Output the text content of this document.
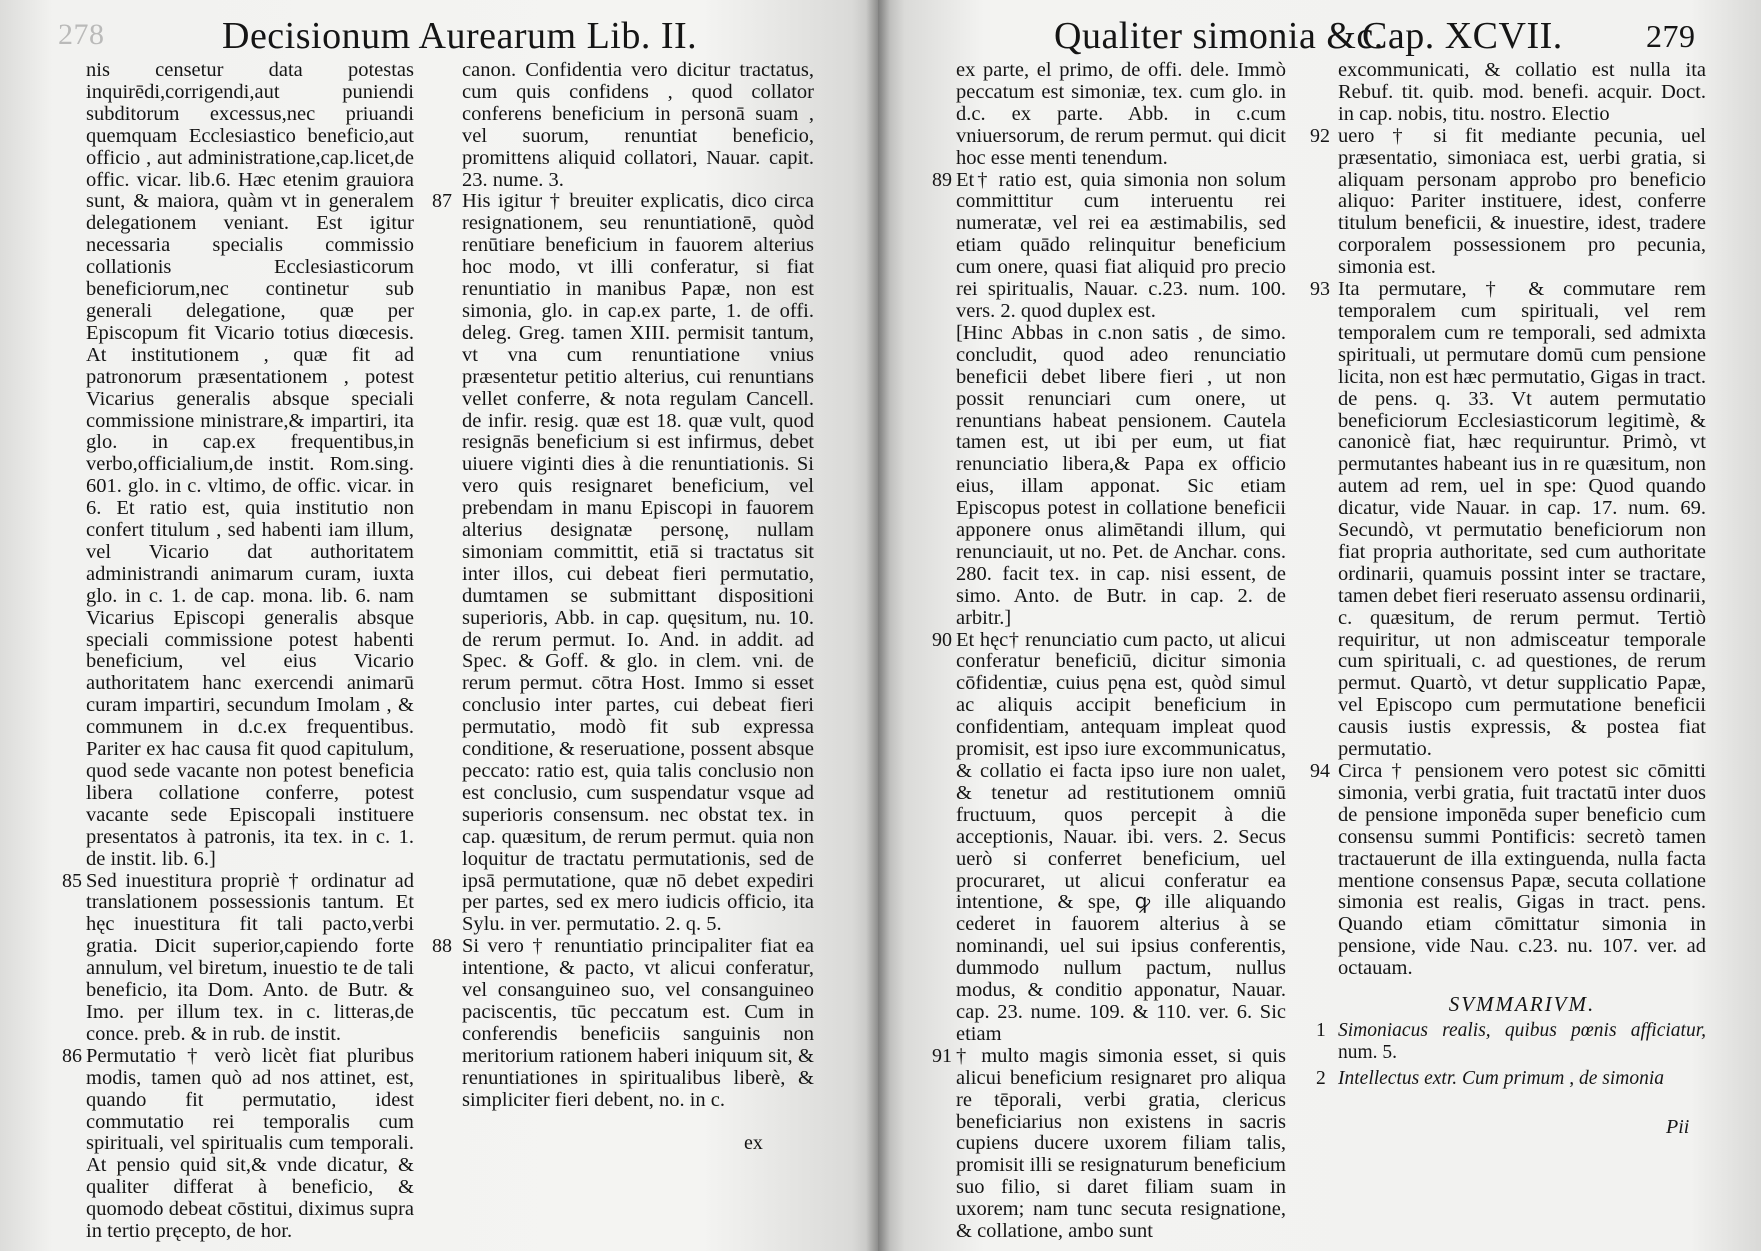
278	Decisionum Aurearum Lib. II.

nis censetur data potestas inquirēdi,corrigendi,aut puniendi subditorum excessus,nec priuandi quemquam Ecclesiastico beneficio,aut officio , aut administratione,cap.licet,de offic. vicar. lib.6. Hæc etenim grauiora sunt, & maiora, quàm vt in generalem delegationem veniant. Est igitur necessaria specialis commissio collationis Ecclesiasticorum beneficiorum,nec continetur sub generali delegatione, quæ per Episcopum fit Vicario totius diœcesis. At institutionem , quæ fit ad patronorum præsentationem , potest Vicarius generalis absque speciali commissione ministrare,& impartiri, ita glo. in cap.ex frequentibus,in verbo,officialium,de instit. Rom.sing. 601. glo. in c. vltimo, de offic. vicar. in 6. Et ratio est, quia institutio non confert titulum , sed habenti iam illum, vel Vicario dat authoritatem administrandi animarum curam, iuxta glo. in c. 1. de cap. mona. lib. 6. nam Vicarius Episcopi generalis absque speciali commissione potest habenti beneficium, vel eius Vicario authoritatem hanc exercendi animarū curam impartiri, secundum Imolam , & communem in d.c.ex frequentibus. Pariter ex hac causa fit quod capitulum, quod sede vacante non potest beneficia libera collatione conferre, potest vacante sede Episcopali instituere presentatos à patronis, ita tex. in c. 1. de instit. lib. 6.]

85 Sed inuestitura propriè † ordinatur ad translationem possessionis tantum. Et hęc inuestitura fit tali pacto,verbi gratia. Dicit superior,capiendo forte annulum, vel biretum, inuestio te de tali beneficio, ita Dom. Anto. de Butr. & Imo. per illum tex. in c. litteras,de conce. preb. & in rub. de instit.

86 Permutatio † verò licèt fiat pluribus modis, tamen quò ad nos attinet, est, quando fit permutatio, idest commutatio rei temporalis cum spirituali, vel spiritualis cum temporali. At pensio quid sit,& vnde dicatur, & qualiter differat à beneficio, & quomodo debeat cōstitui, diximus supra in tertio pręcepto, de hor.

canon. Confidentia vero dicitur tractatus, cum quis confidens , quod collator conferens beneficium in personā suam , vel suorum, renuntiat beneficio, promittens aliquid collatori, Nauar. capit. 23. nume. 3.

87 His igitur † breuiter explicatis, dico circa resignationem, seu renuntiationē, quòd renūtiare beneficium in fauorem alterius hoc modo, vt illi conferatur, si fiat renuntiatio in manibus Papæ, non est simonia, glo. in cap.ex parte, 1. de offi. deleg. Greg. tamen XIII. permisit tantum, vt vna cum renuntiatione vnius præsentetur petitio alterius, cui renuntians vellet conferre, & nota regulam Cancell. de infir. resig. quæ est 18. quæ vult, quod resignās beneficium si est infirmus, debet uiuere viginti dies à die renuntiationis. Si vero quis resignaret beneficium, vel prebendam in manu Episcopi in fauorem alterius designatæ personę, nullam simoniam committit, etiā si tractatus sit inter illos, cui debeat fieri permutatio, dumtamen se submittant dispositioni superioris, Abb. in cap. quęsitum, nu. 10. de rerum permut. Io. And. in addit. ad Spec. & Goff. & glo. in clem. vni. de rerum permut. cōtra Host. Immo si esset conclusio inter partes, cui debeat fieri permutatio, modò fit sub expressa conditione, & reseruatione, possent absque peccato: ratio est, quia talis conclusio non est conclusio, cum suspendatur vsque ad superioris consensum. nec obstat tex. in cap. quæsitum, de rerum permut. quia non loquitur de tractatu permutationis, sed de ipsā permutatione, quæ nō debet expediri per partes, sed ex mero iudicis officio, ita Sylu. in ver. permutatio. 2. q. 5.

88 Si vero † renuntiatio principaliter fiat ea intentione, & pacto, vt alicui conferatur, vel consanguineo suo, vel consanguineo paciscentis, tūc peccatum est. Cum in conferendis beneficiis sanguinis non meritorium rationem haberi iniquum sit, & renuntiationes in spiritualibus liberè, & simpliciter fieri debent, no. in c.

ex
Qualiter simonia &c.
Cap. XCVII.	279

ex parte, el primo, de offi. dele. Immò peccatum est simoniæ, tex. cum glo. in d.c. ex parte. Abb. in c.cum vniuersorum, de rerum permut. qui dicit hoc esse menti tenendum.

89 Et† ratio est, quia simonia non solum committitur cum interuentu rei numeratæ, vel rei ea æstimabilis, sed etiam quādo relinquitur beneficium cum onere, quasi fiat aliquid pro precio rei spiritualis, Nauar. c.23. num. 100. vers. 2. quod duplex est.

[Hinc Abbas in c.non satis , de simo. concludit, quod adeo renunciatio beneficii debet libere fieri , ut non possit renunciari cum onere, ut renuntians habeat pensionem. Cautela tamen est, ut ibi per eum, ut fiat renunciatio libera,& Papa ex officio eius, illam apponat. Sic etiam Episcopus potest in collatione beneficii apponere onus alimētandi illum, qui renunciauit, ut no. Pet. de Anchar. cons. 280. facit tex. in cap. nisi essent, de simo. Anto. de Butr. in cap. 2. de arbitr.]

90 Et hęc† renunciatio cum pacto, ut alicui conferatur beneficiū, dicitur simonia cōfidentiæ, cuius pęna est, quòd simul ac aliquis accipit beneficium in confidentiam, antequam impleat quod promisit, est ipso iure excommunicatus, & collatio ei facta ipso iure non ualet, & tenetur ad restitutionem omniū fructuum, quos percepit à die acceptionis, Nauar. ibi. vers. 2. Secus uerò si conferret beneficium, uel procuraret, ut alicui conferatur ea intentione, & spe, ꝙ ille aliquando cederet in fauorem alterius à se nominandi, uel sui ipsius conferentis, dummodo nullum pactum, nullus modus, & conditio apponatur, Nauar. cap. 23. nume. 109. & 110. ver. 6. Sic etiam

91 † multo magis simonia esset, si quis alicui beneficium resignaret pro aliqua re tēporali, verbi gratia, clericus beneficiarius non existens in sacris cupiens ducere uxorem filiam talis, promisit illi se resignaturum beneficium suo filio, si daret filiam suam in uxorem; nam tunc secuta resignatione, & collatione, ambo sunt

excommunicati, & collatio est nulla ita Rebuf. tit. quib. mod. benefi. acquir. Doct. in cap. nobis, titu. nostro. Electio

92 uero † si fit mediante pecunia, uel præsentatio, simoniaca est, uerbi gratia, si aliquam personam approbo pro beneficio aliquo: Pariter instituere, idest, conferre titulum beneficii, & inuestire, idest, tradere corporalem possessionem pro pecunia, simonia est.

93 Ita permutare, † & commutare rem temporalem cum spirituali, vel rem temporalem cum re temporali, sed admixta spirituali, ut permutare domū cum pensione licita, non est hæc permutatio, Gigas in tract. de pens. q. 33. Vt autem permutatio beneficiorum Ecclesiasticorum legitimè, & canonicè fiat, hæc requiruntur. Primò, vt permutantes habeant ius in re quæsitum, non autem ad rem, uel in spe: Quod quando dicatur, vide Nauar. in cap. 17. num. 69. Secundò, vt permutatio beneficiorum non fiat propria authoritate, sed cum authoritate ordinarii, quamuis possint inter se tractare, tamen debet fieri reseruato assensu ordinarii, c. quæsitum, de rerum permut. Tertiò requiritur, ut non admisceatur temporale cum spirituali, c. ad questiones, de rerum permut. Quartò, vt detur supplicatio Papæ, vel Episcopo cum permutatione beneficii causis iustis expressis, & postea fiat permutatio.

94 Circa † pensionem vero potest sic cōmitti simonia, verbi gratia, fuit tractatū inter duos de pensione imponēda super beneficio cum consensu summi Pontificis: secretò tamen tractauerunt de illa extinguenda, nulla facta mentione consensus Papæ, secuta collatione simonia est realis, Gigas in tract. pens. Quando etiam cōmittatur simonia in pensione, vide Nau. c.23. nu. 107. ver. ad octauam.

SVMMARIVM.
1 Simoniacus realis, quibus pœnis afficiatur, num. 5.
2 Intellectus extr. Cum primum , de simonia
Pii
